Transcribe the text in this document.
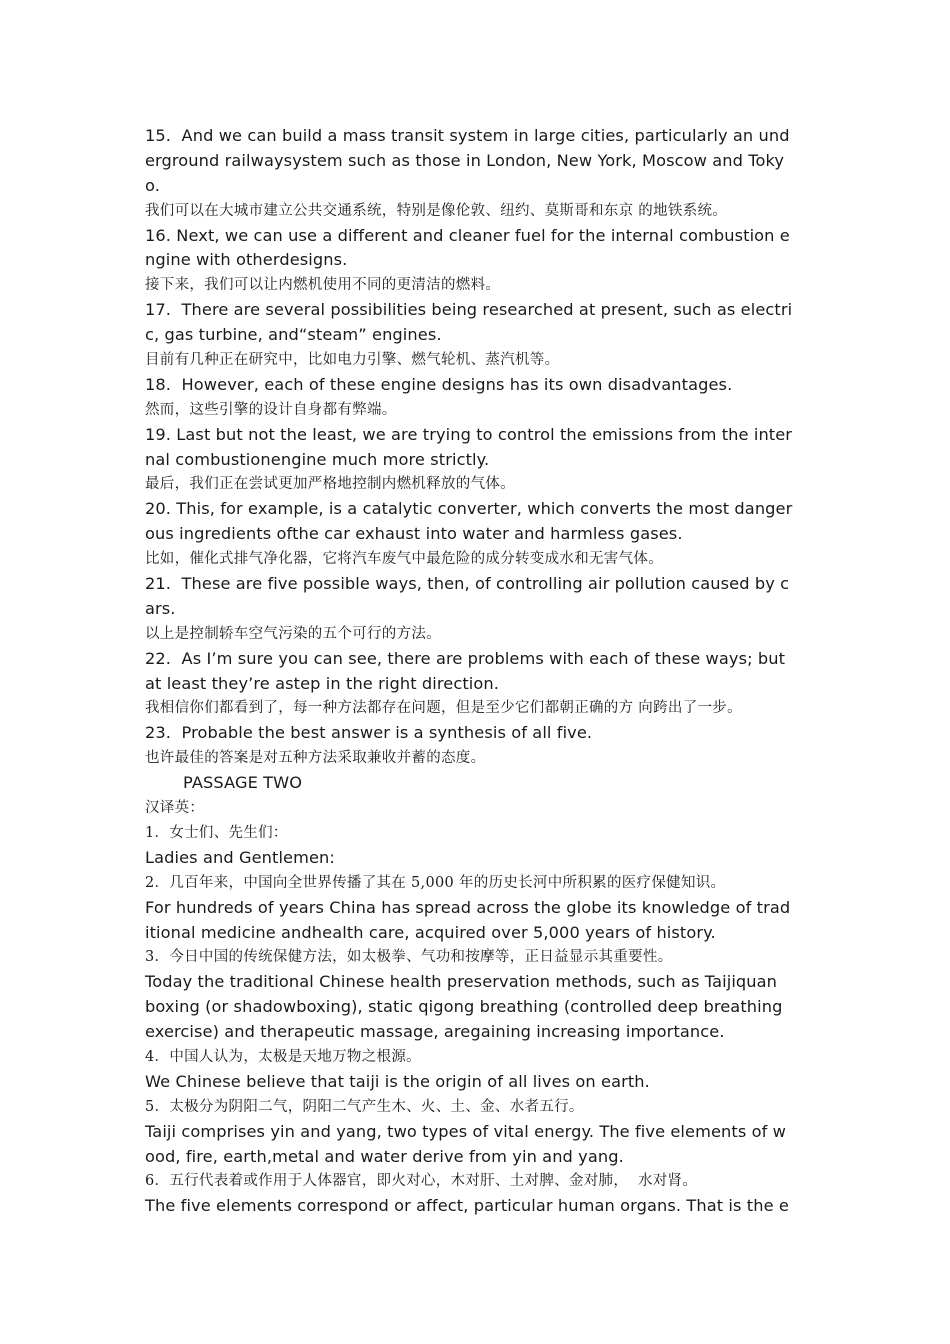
15.  And we can build a mass transit system in large cities, particularly an und
erground railwaysystem such as those in London, New York, Moscow and Toky
o.
我们可以在大城市建立公共交通系统，特别是像伦敦、纽约、莫斯哥和东京 的地铁系统。
16. Next, we can use a different and cleaner fuel for the internal combustion e
ngine with otherdesigns.
接下来，我们可以让内燃机使用不同的更清洁的燃料。
17.  There are several possibilities being researched at present, such as electri
c, gas turbine, and“steam” engines.
目前有几种正在研究中，比如电力引擎、燃气轮机、蒸汽机等。
18.  However, each of these engine designs has its own disadvantages.
然而，这些引擎的设计自身都有弊端。
19. Last but not the least, we are trying to control the emissions from the inter
nal combustionengine much more strictly.
最后，我们正在尝试更加严格地控制内燃机释放的气体。
20. This, for example, is a catalytic converter, which converts the most danger
ous ingredients ofthe car exhaust into water and harmless gases.
比如，催化式排气净化器，它将汽车废气中最危险的成分转变成水和无害气体。
21.  These are five possible ways, then, of controlling air pollution caused by c
ars.
以上是控制轿车空气污染的五个可行的方法。
22.  As I’m sure you can see, there are problems with each of these ways; but
at least they’re astep in the right direction.
我相信你们都看到了，每一种方法都存在问题，但是至少它们都朝正确的方 向跨出了一步。
23.  Probable the best answer is a synthesis of all five.
也许最佳的答案是对五种方法采取兼收并蓄的态度。
PASSAGE TWO
汉译英：
1．女士们、先生们：
Ladies and Gentlemen:
2．几百年来，中国向全世界传播了其在 5,000 年的历史长河中所积累的医疗保健知识。
For hundreds of years China has spread across the globe its knowledge of trad
itional medicine andhealth care, acquired over 5,000 years of history.
3．今日中国的传统保健方法，如太极拳、气功和按摩等，正日益显示其重要性。
Today the traditional Chinese health preservation methods, such as Taijiquan
boxing (or shadowboxing), static qigong breathing (controlled deep breathing
exercise) and therapeutic massage, aregaining increasing importance.
4．中国人认为，太极是天地万物之根源。
We Chinese believe that taiji is the origin of all lives on earth.
5．太极分为阴阳二气，阴阳二气产生木、火、土、金、水者五行。
Taiji comprises yin and yang, two types of vital energy. The five elements of w
ood, fire, earth,metal and water derive from yin and yang.
6．五行代表着或作用于人体器官，即火对心，木对肝、土对脾、金对肺，  水对肾。
The five elements correspond or affect, particular human organs. That is the e
